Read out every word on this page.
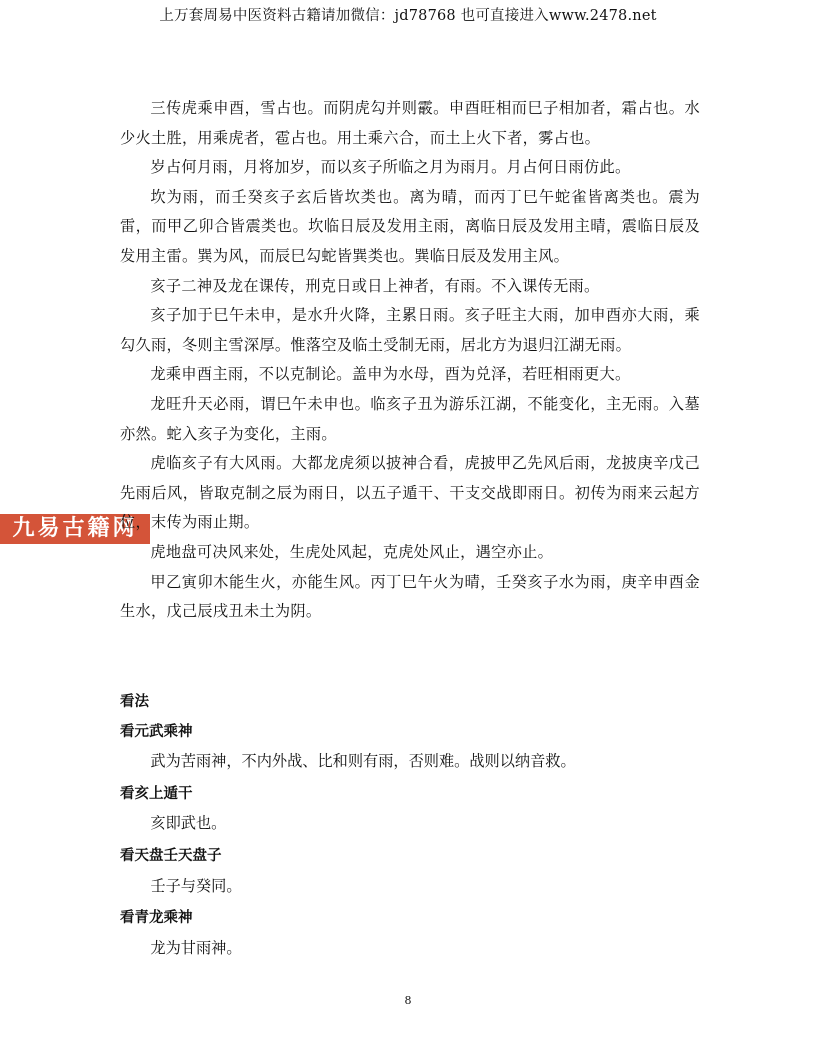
上万套周易中医资料古籍请加微信：jd78768 也可直接进入www.2478.net
九易古籍网

三传虎乘申酉，雪占也。而阴虎勾并则霰。申酉旺相而巳子相加者，霜占也。水少火土胜，用乘虎者，雹占也。用土乘六合，而土上火下者，雾占也。

岁占何月雨，月将加岁，而以亥子所临之月为雨月。月占何日雨仿此。

坎为雨，而壬癸亥子玄后皆坎类也。离为晴，而丙丁巳午蛇雀皆离类也。震为雷，而甲乙卯合皆震类也。坎临日辰及发用主雨，离临日辰及发用主晴，震临日辰及发用主雷。巽为风，而辰巳勾蛇皆巽类也。巽临日辰及发用主风。

亥子二神及龙在课传，刑克日或日上神者，有雨。不入课传无雨。

亥子加于巳午未申，是水升火降，主累日雨。亥子旺主大雨，加申酉亦大雨，乘勾久雨，冬则主雪深厚。惟落空及临土受制无雨，居北方为退归江湖无雨。

龙乘申酉主雨，不以克制论。盖申为水母，酉为兑泽，若旺相雨更大。

龙旺升天必雨，谓巳午未申也。临亥子丑为游乐江湖，不能变化，主无雨。入墓亦然。蛇入亥子为变化，主雨。

虎临亥子有大风雨。大都龙虎须以披神合看，虎披甲乙先风后雨，龙披庚辛戊己先雨后风，皆取克制之辰为雨日，以五子遁干、干支交战即雨日。初传为雨来云起方位，末传为雨止期。

虎地盘可决风来处，生虎处风起，克虎处风止，遇空亦止。

甲乙寅卯木能生火，亦能生风。丙丁巳午火为晴，壬癸亥子水为雨，庚辛申酉金生水，戊己辰戌丑未土为阴。

看法

看元武乘神

武为苦雨神，不内外战、比和则有雨，否则难。战则以纳音救。

看亥上遁干

亥即武也。

看天盘壬天盘子

壬子与癸同。

看青龙乘神

龙为甘雨神。

8
